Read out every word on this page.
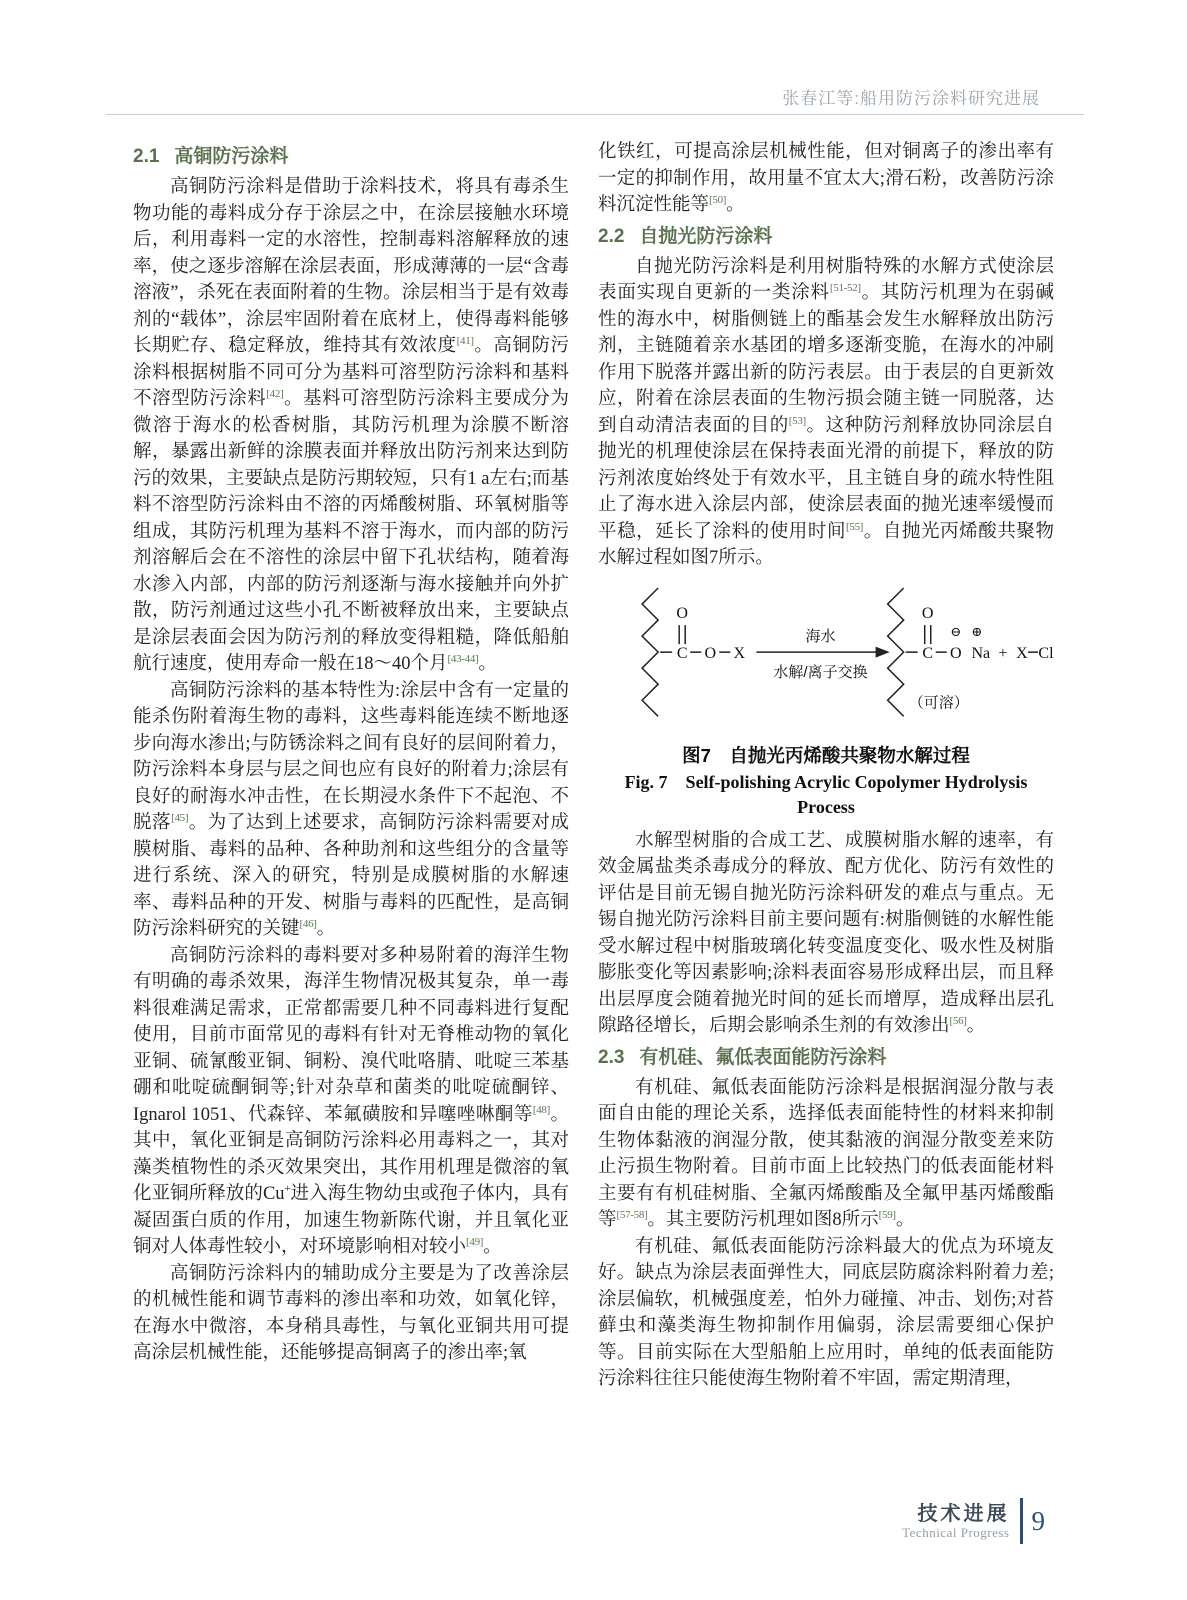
张春江等:船用防污涂料研究进展
2.1 高铜防污涂料

高铜防污涂料是借助于涂料技术，将具有毒杀生物功能的毒料成分存于涂层之中，在涂层接触水环境后，利用毒料一定的水溶性，控制毒料溶解释放的速率，使之逐步溶解在涂层表面，形成薄薄的一层“含毒溶液”，杀死在表面附着的生物。涂层相当于是有效毒剂的“载体”，涂层牢固附着在底材上，使得毒料能够长期贮存、稳定释放，维持其有效浓度[41]。高铜防污涂料根据树脂不同可分为基料可溶型防污涂料和基料不溶型防污涂料[42]。基料可溶型防污涂料主要成分为微溶于海水的松香树脂，其防污机理为涂膜不断溶解，暴露出新鲜的涂膜表面并释放出防污剂来达到防污的效果，主要缺点是防污期较短，只有1 a左右;而基料不溶型防污涂料由不溶的丙烯酸树脂、环氧树脂等组成，其防污机理为基料不溶于海水，而内部的防污剂溶解后会在不溶性的涂层中留下孔状结构，随着海水渗入内部，内部的防污剂逐渐与海水接触并向外扩散，防污剂通过这些小孔不断被释放出来，主要缺点是涂层表面会因为防污剂的释放变得粗糙，降低船舶航行速度，使用寿命一般在18～40个月[43-44]。

高铜防污涂料的基本特性为:涂层中含有一定量的能杀伤附着海生物的毒料，这些毒料能连续不断地逐步向海水渗出;与防锈涂料之间有良好的层间附着力，防污涂料本身层与层之间也应有良好的附着力;涂层有良好的耐海水冲击性，在长期浸水条件下不起泡、不脱落[45]。为了达到上述要求，高铜防污涂料需要对成膜树脂、毒料的品种、各种助剂和这些组分的含量等进行系统、深入的研究，特别是成膜树脂的水解速率、毒料品种的开发、树脂与毒料的匹配性，是高铜防污涂料研究的关键[46]。

高铜防污涂料的毒料要对多种易附着的海洋生物有明确的毒杀效果，海洋生物情况极其复杂，单一毒料很难满足需求，正常都需要几种不同毒料进行复配使用，目前市面常见的毒料有针对无脊椎动物的氧化亚铜、硫氰酸亚铜、铜粉、溴代吡咯腈、吡啶三苯基硼和吡啶硫酮铜等;针对杂草和菌类的吡啶硫酮锌、Ignarol 1051、代森锌、苯氟磺胺和异噻唑啉酮等[48]。其中，氧化亚铜是高铜防污涂料必用毒料之一，其对藻类植物性的杀灭效果突出，其作用机理是微溶的氧化亚铜所释放的Cu+进入海生物幼虫或孢子体内，具有凝固蛋白质的作用，加速生物新陈代谢，并且氧化亚铜对人体毒性较小，对环境影响相对较小[49]。

高铜防污涂料内的辅助成分主要是为了改善涂层的机械性能和调节毒料的渗出率和功效，如氧化锌，在海水中微溶，本身稍具毒性，与氧化亚铜共用可提高涂层机械性能，还能够提高铜离子的渗出率;氧

化铁红，可提高涂层机械性能，但对铜离子的渗出率有一定的抑制作用，故用量不宜太大;滑石粉，改善防污涂料沉淀性能等[50]。

2.2 自抛光防污涂料

自抛光防污涂料是利用树脂特殊的水解方式使涂层表面实现自更新的一类涂料[51-52]。其防污机理为在弱碱性的海水中，树脂侧链上的酯基会发生水解释放出防污剂，主链随着亲水基团的增多逐渐变脆，在海水的冲刷作用下脱落并露出新的防污表层。由于表层的自更新效应，附着在涂层表面的生物污损会随主链一同脱落，达到自动清洁表面的目的[53]。这种防污剂释放协同涂层自抛光的机理使涂层在保持表面光滑的前提下，释放的防污剂浓度始终处于有效水平，且主链自身的疏水特性阻止了海水进入涂层内部，使涂层表面的抛光速率缓慢而平稳，延长了涂料的使用时间[55]。自抛光丙烯酸共聚物水解过程如图7所示。

C
O
O X
海水
水解/离子交换
C
O
O
⊖ ⊕
Na + X Cl
（可溶）

图7　自抛光丙烯酸共聚物水解过程

Fig. 7　Self-polishing Acrylic Copolymer Hydrolysis Process

水解型树脂的合成工艺、成膜树脂水解的速率，有效金属盐类杀毒成分的释放、配方优化、防污有效性的评估是目前无锡自抛光防污涂料研发的难点与重点。无锡自抛光防污涂料目前主要问题有:树脂侧链的水解性能受水解过程中树脂玻璃化转变温度变化、吸水性及树脂膨胀变化等因素影响;涂料表面容易形成释出层，而且释出层厚度会随着抛光时间的延长而增厚，造成释出层孔隙路径增长，后期会影响杀生剂的有效渗出[56]。

2.3 有机硅、氟低表面能防污涂料

有机硅、氟低表面能防污涂料是根据润湿分散与表面自由能的理论关系，选择低表面能特性的材料来抑制生物体黏液的润湿分散，使其黏液的润湿分散变差来防止污损生物附着。目前市面上比较热门的低表面能材料主要有有机硅树脂、全氟丙烯酸酯及全氟甲基丙烯酸酯等[57-58]。其主要防污机理如图8所示[59]。

有机硅、氟低表面能防污涂料最大的优点为环境友好。缺点为涂层表面弹性大，同底层防腐涂料附着力差;涂层偏软，机械强度差，怕外力碰撞、冲击、划伤;对苔藓虫和藻类海生物抑制作用偏弱，涂层需要细心保护等。目前实际在大型船舶上应用时，单纯的低表面能防污涂料往往只能使海生物附着不牢固，需定期清理，

技术进展
Technical Progress 9
